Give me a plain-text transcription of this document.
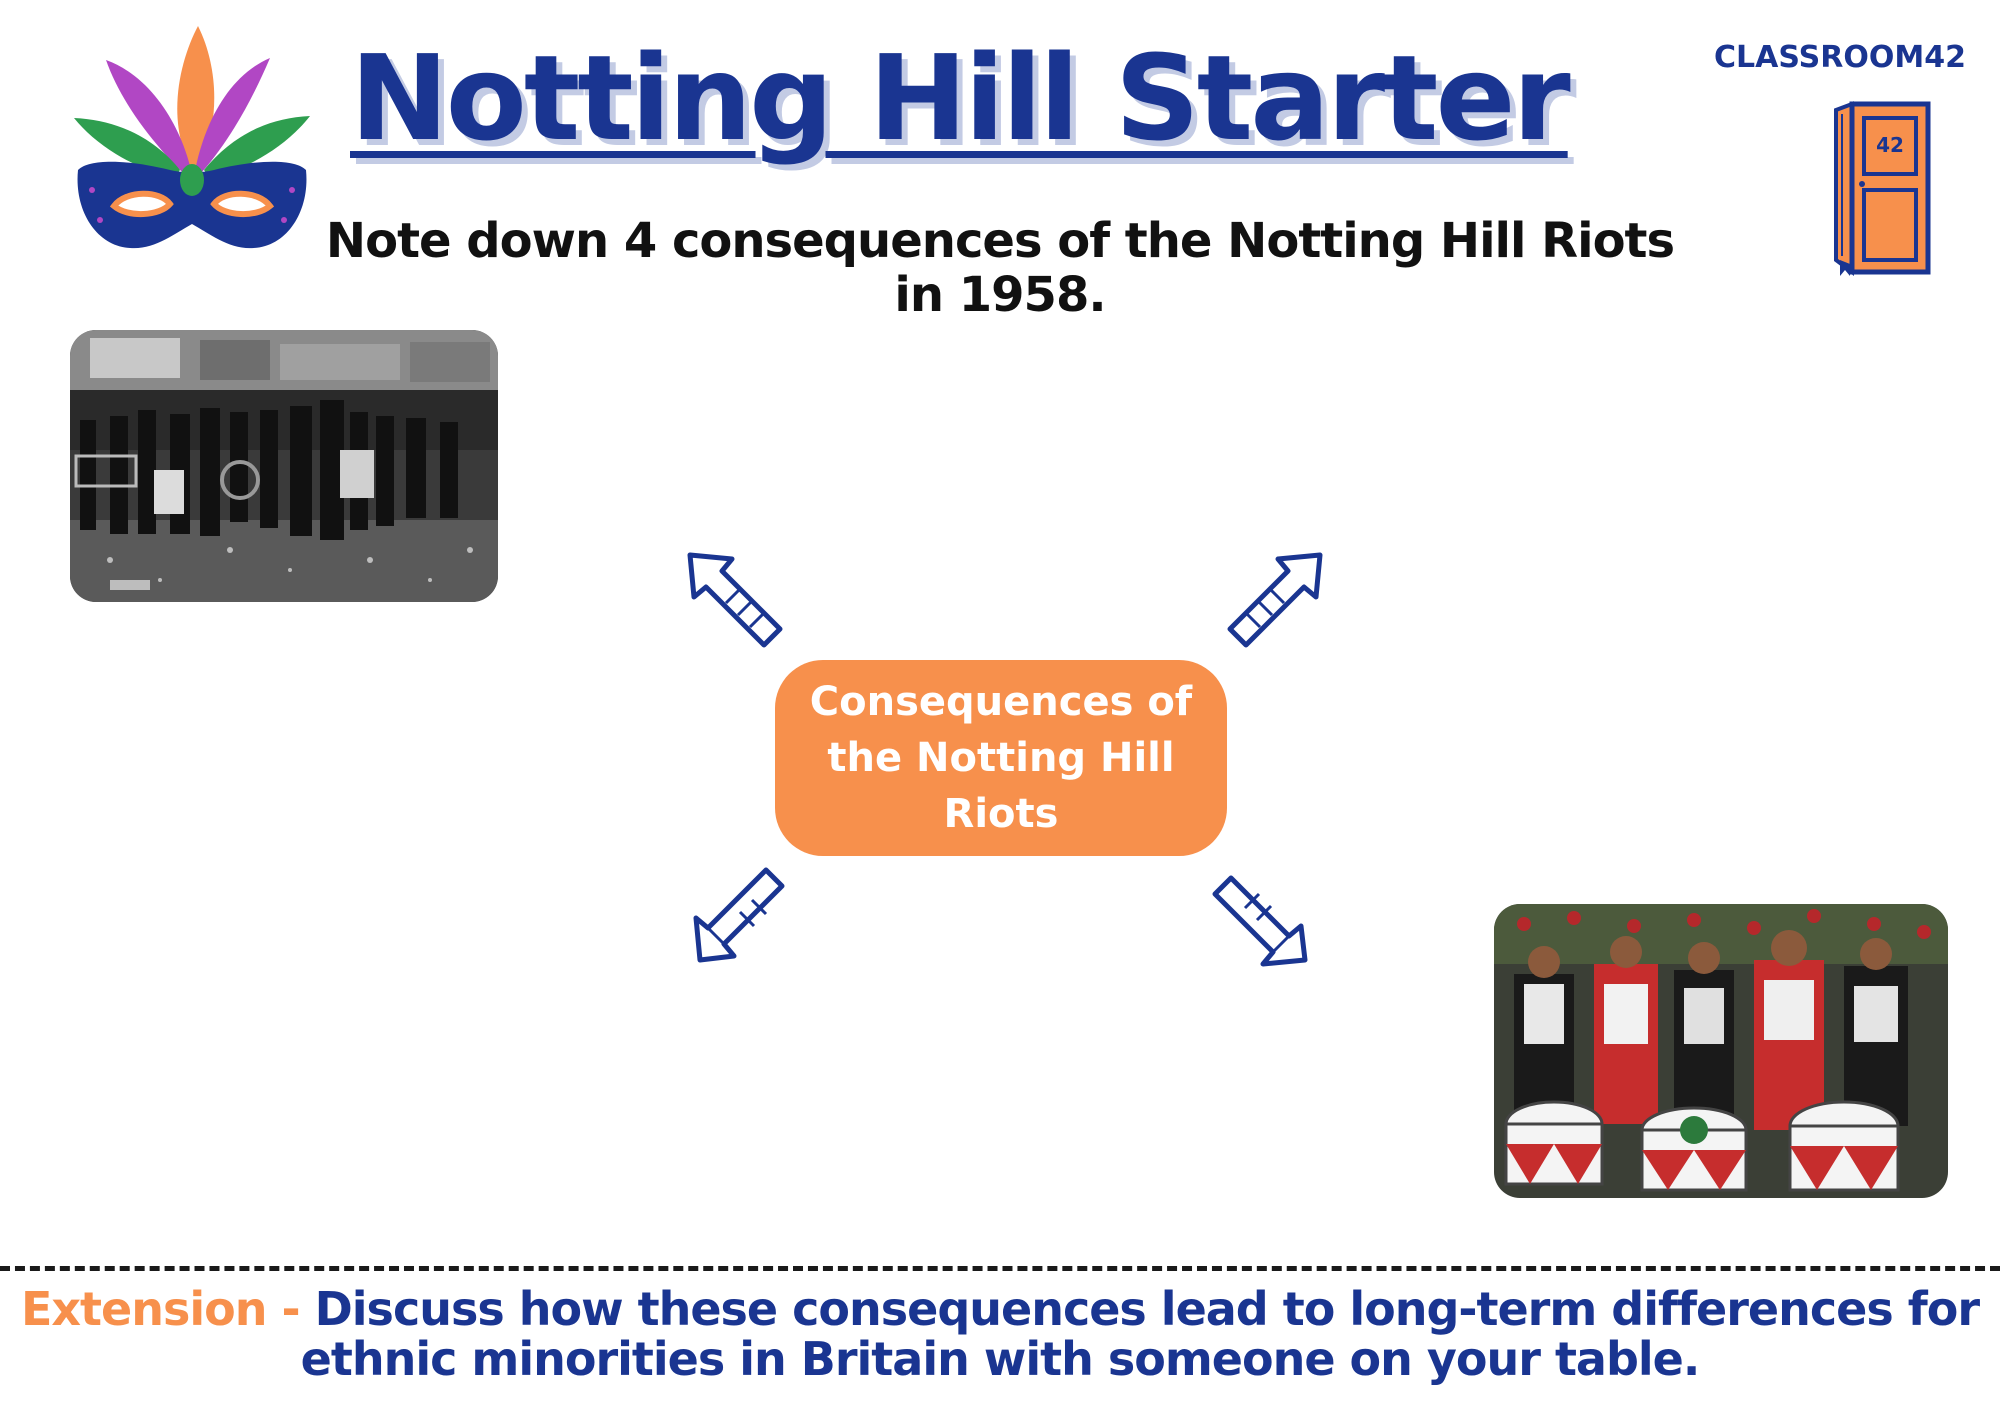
Notting Hill Starter
Note down 4 consequences of the Notting Hill Riots
in 1958.
CLASSROOM42
42
Consequences of the Notting Hill Riots
Extension - Discuss how these consequences lead to long-term differences for
ethnic minorities in Britain with someone on your table.
